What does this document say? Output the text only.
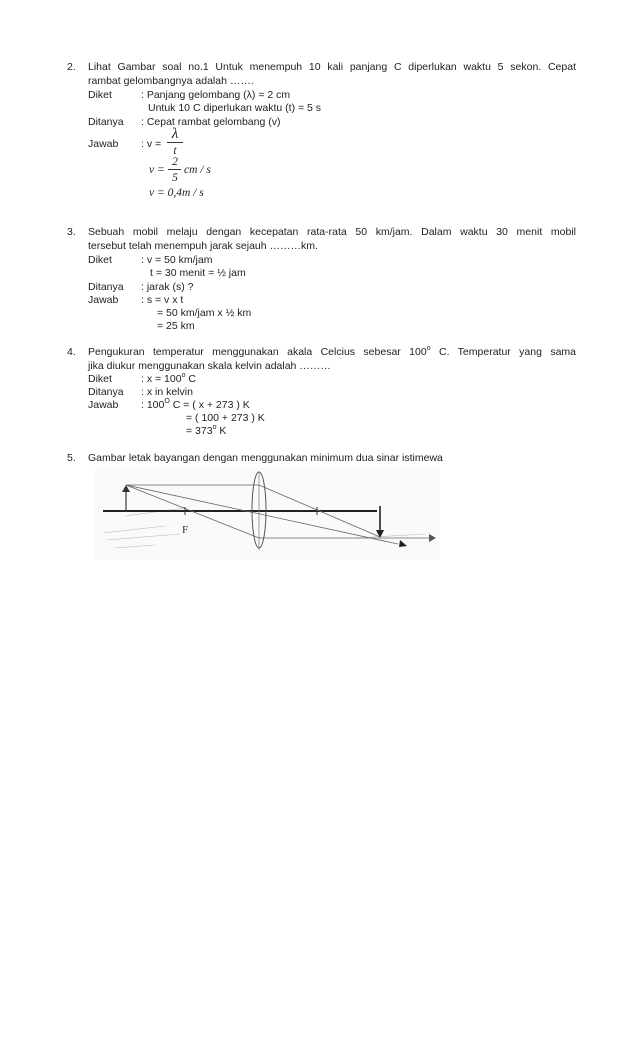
2. Lihat Gambar soal no.1 Untuk menempuh 10 kali panjang C diperlukan waktu 5 sekon. Cepat
rambat gelombangnya adalah …….
Diket	: Panjang gelombang (λ) = 2 cm
Untuk 10 C diperlukan waktu (t) = 5 s
Ditanya : Cepat rambat gelombang (v)
Jawab : v =
λ
t
v =
2
5
cm / s
v = 0,4m / s
3. Sebuah mobil melaju dengan kecepatan rata-rata 50 km/jam. Dalam waktu 30 menit mobil
tersebut telah menempuh jarak sejauh ………km.
Diket	: v = 50 km/jam
t = 30 menit = ½ jam
Ditanya : jarak (s) ?
Jawab : s = v x t
= 50 km/jam x ½ km
= 25 km
4. Pengukuran temperatur menggunakan akala Celcius sebesar 100$^o$ C. Temperatur yang sama
jika diukur menggunakan skala kelvin adalah ………
Diket	: $x = 100^o$ C
Ditanya : x in kelvin
Jawab : $100^O$ C = ( x + 273 ) K
= ( 100 + 273 ) K
= $373^o$ K
5. Gambar letak bayangan dengan menggunakan minimum dua sinar istimewa
F
